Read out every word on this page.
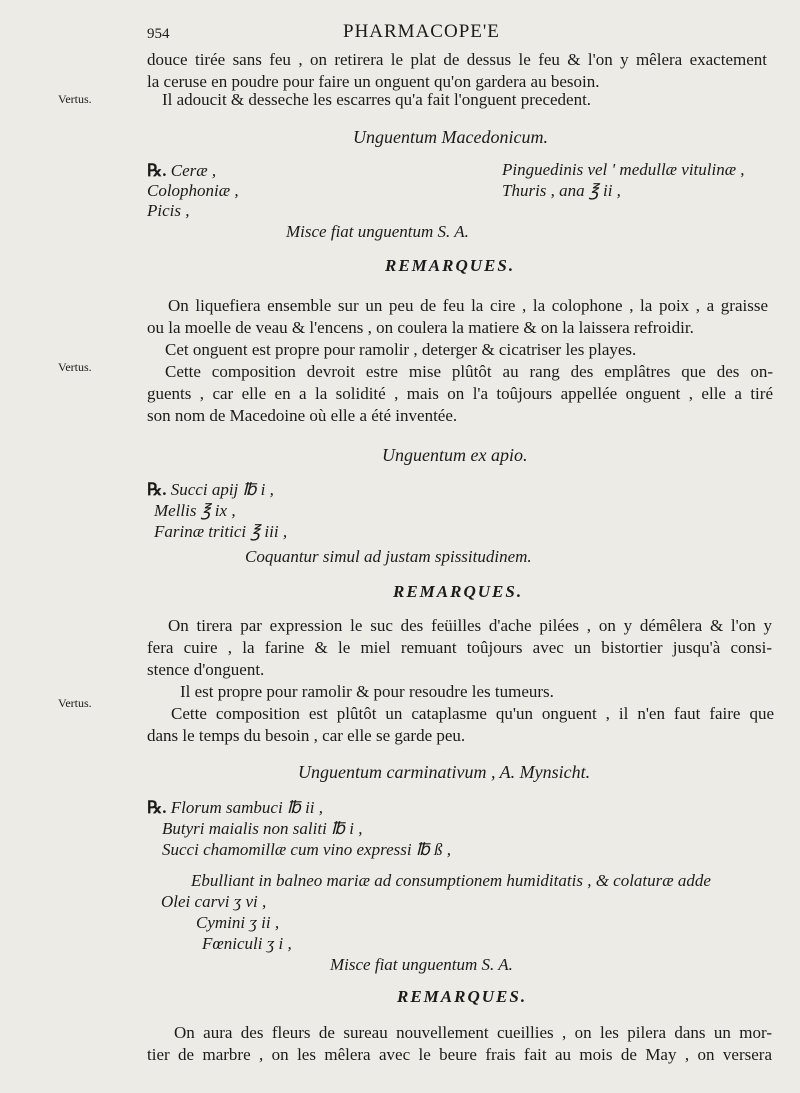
954	PHARMACOPE'E
douce tirée sans feu , on retirera le plat de dessus le feu & l'on y mêlera exactement
la ceruse en poudre pour faire un onguent qu'on gardera au besoin.
Vertus.	Il adoucit & desseche les escarres qu'a fait l'onguent precedent.
Unguentum Macedonicum.
℞. Ceræ ,
Colophoniæ ,
Picis ,
Pinguedinis vel ' medullæ vitulinæ ,
Thuris , ana ℥ ii ,
Misce fiat unguentum S. A.
REMARQUES.
On liquefiera ensemble sur un peu de feu la cire , la colophone , la poix , a graisse
ou la moelle de veau & l'encens , on coulera la matiere & on la laissera refroidir.
Cet onguent est propre pour ramolir , deterger & cicatriser les playes.
Vertus.	Cette composition devroit estre mise plûtôt au rang des emplâtres que des on-
guents , car elle en a la solidité , mais on l'a toûjours appellée onguent , elle a tiré
son nom de Macedoine où elle a été inventée.
Unguentum ex apio.
℞. Succi apij ℔ i ,
Mellis ℥ ix ,
Farinæ tritici ℥ iii ,
Coquantur simul ad justam spissitudinem.
REMARQUES.
On tirera par expression le suc des feüilles d'ache pilées , on y démêlera & l'on y
fera cuire , la farine & le miel remuant toûjours avec un bistortier jusqu'à consi-
stence d'onguent.
Vertus.
Il est propre pour ramolir & pour resoudre les tumeurs.
Cette composition est plûtôt un cataplasme qu'un onguent , il n'en faut faire que
dans le temps du besoin , car elle se garde peu.
Unguentum carminativum , A. Mynsicht.
℞. Florum sambuci ℔ ii ,
Butyri maialis non saliti ℔ i ,
Succi chamomillæ cum vino expressi ℔ ß ,
Ebulliant in balneo mariæ ad consumptionem humiditatis , & colaturæ adde
Olei carvi ʒ vi ,
Cymini ʒ ii ,
Fœniculi ʒ i ,
Misce fiat unguentum S. A.
REMARQUES.
On aura des fleurs de sureau nouvellement cueillies , on les pilera dans un mor-
tier de marbre , on les mêlera avec le beure frais fait au mois de May , on versera
